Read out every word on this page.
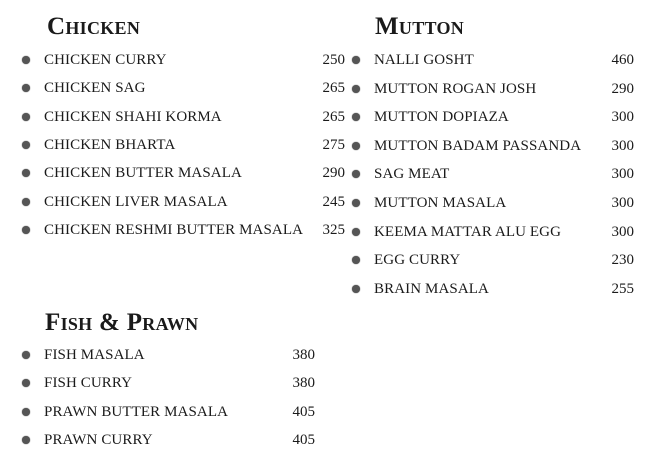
Chicken
CHICKEN CURRY	250
CHICKEN SAG	265
CHICKEN SHAHI KORMA	265
CHICKEN BHARTA	275
CHICKEN BUTTER MASALA	290
CHICKEN LIVER MASALA	245
CHICKEN RESHMI BUTTER MASALA	325
Mutton
NALLI GOSHT	460
MUTTON ROGAN JOSH	290
MUTTON DOPIAZA	300
MUTTON BADAM PASSANDA	300
SAG MEAT	300
MUTTON MASALA	300
KEEMA MATTAR ALU EGG	300
EGG CURRY	230
BRAIN MASALA	255
Fish & Prawn
FISH MASALA	380
FISH CURRY	380
PRAWN BUTTER MASALA	405
PRAWN CURRY	405
